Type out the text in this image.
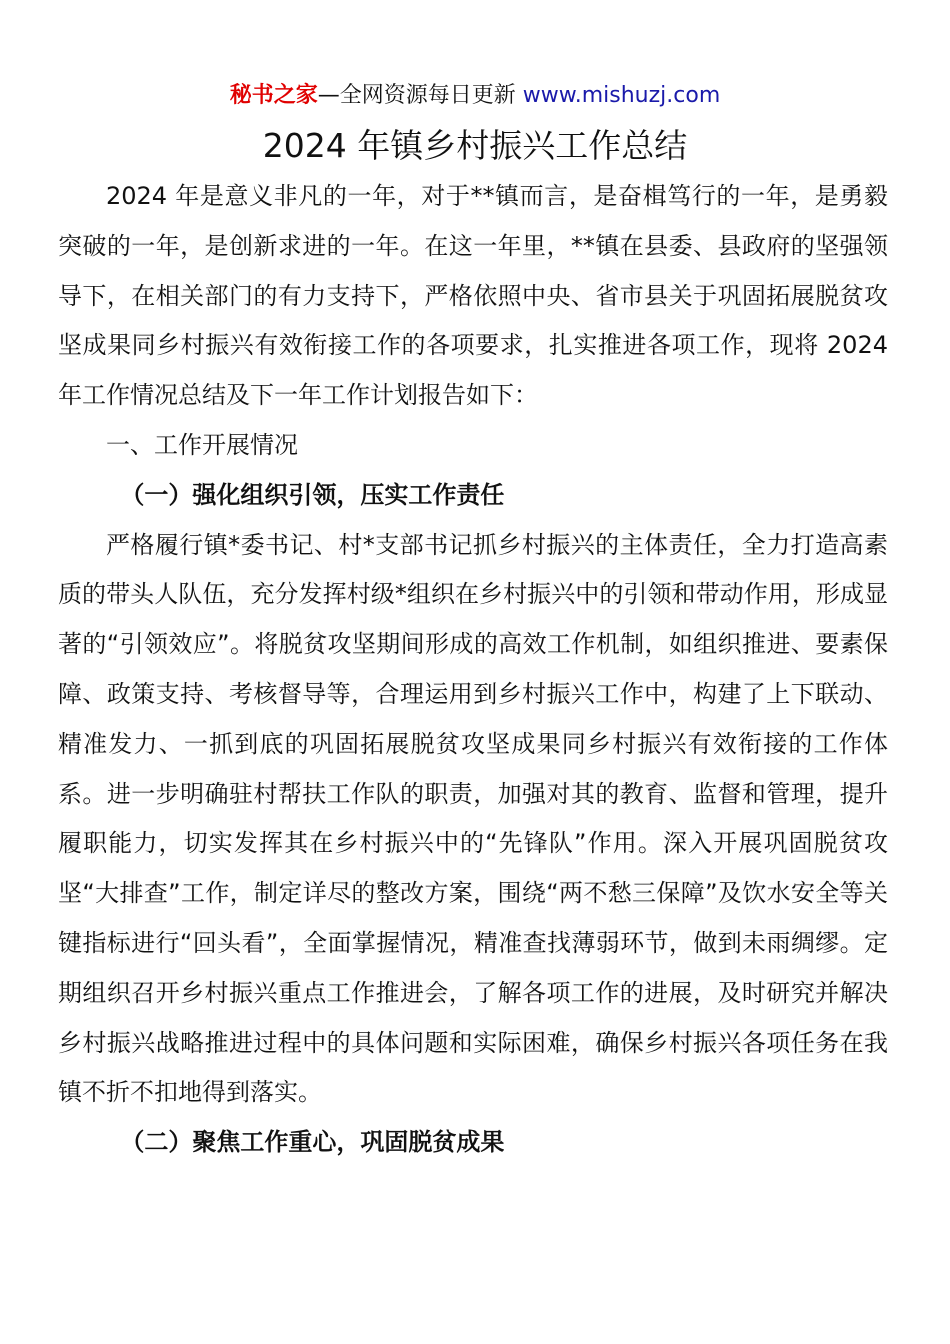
秘书之家—全网资源每日更新 www.mishuzj.com
2024 年镇乡村振兴工作总结

2024 年是意义非凡的一年，对于**镇而言，是奋楫笃行的一年，是勇毅突破的一年，是创新求进的一年。在这一年里，**镇在县委、县政府的坚强领导下，在相关部门的有力支持下，严格依照中央、省市县关于巩固拓展脱贫攻坚成果同乡村振兴有效衔接工作的各项要求，扎实推进各项工作，现将 2024 年工作情况总结及下一年工作计划报告如下：

一、工作开展情况

（一）强化组织引领，压实工作责任

严格履行镇*委书记、村*支部书记抓乡村振兴的主体责任，全力打造高素质的带头人队伍，充分发挥村级*组织在乡村振兴中的引领和带动作用，形成显著的“引领效应”。将脱贫攻坚期间形成的高效工作机制，如组织推进、要素保障、政策支持、考核督导等，合理运用到乡村振兴工作中，构建了上下联动、精准发力、一抓到底的巩固拓展脱贫攻坚成果同乡村振兴有效衔接的工作体系。进一步明确驻村帮扶工作队的职责，加强对其的教育、监督和管理，提升履职能力，切实发挥其在乡村振兴中的“先锋队”作用。深入开展巩固脱贫攻坚“大排查”工作，制定详尽的整改方案，围绕“两不愁三保障”及饮水安全等关键指标进行“回头看”，全面掌握情况，精准查找薄弱环节，做到未雨绸缪。定期组织召开乡村振兴重点工作推进会，了解各项工作的进展，及时研究并解决乡村振兴战略推进过程中的具体问题和实际困难，确保乡村振兴各项任务在我镇不折不扣地得到落实。

（二）聚焦工作重心，巩固脱贫成果
